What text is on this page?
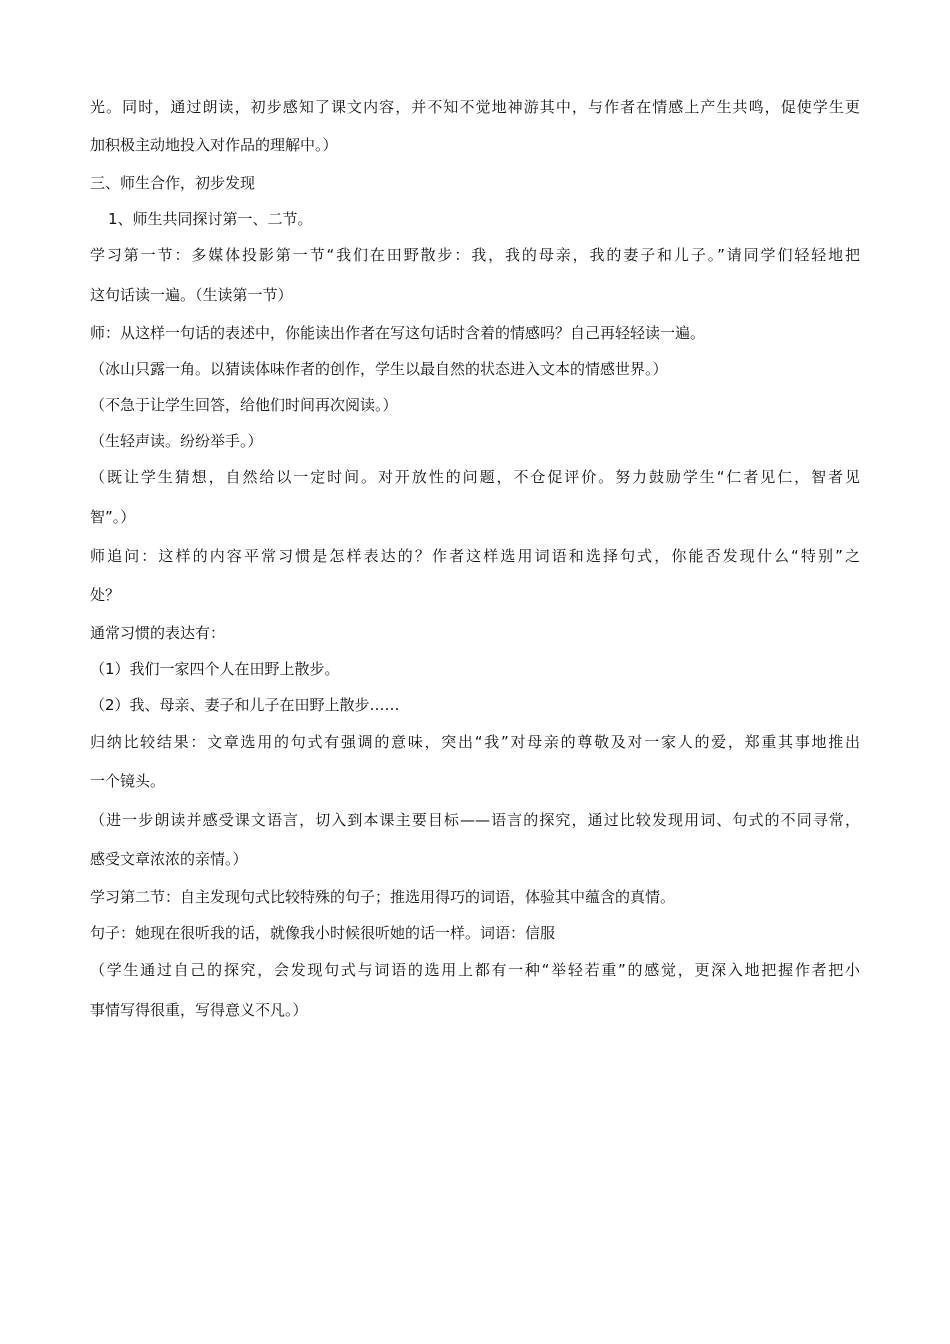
光。同时，通过朗读，初步感知了课文内容，并不知不觉地神游其中，与作者在情感上产生共鸣，促使学生更
加积极主动地投入对作品的理解中。）
三、师生合作，初步发现
1、师生共同探讨第一、二节。
学习第一节：多媒体投影第一节“我们在田野散步：我，我的母亲，我的妻子和儿子。”请同学们轻轻地把
这句话读一遍。（生读第一节）
师：从这样一句话的表述中，你能读出作者在写这句话时含着的情感吗？自己再轻轻读一遍。
（冰山只露一角。以猜读体味作者的创作，学生以最自然的状态进入文本的情感世界。）
（不急于让学生回答，给他们时间再次阅读。）
（生轻声读。纷纷举手。）
（既让学生猜想，自然给以一定时间。对开放性的问题，不仓促评价。努力鼓励学生“仁者见仁，智者见
智”。）
师追问：这样的内容平常习惯是怎样表达的？作者这样选用词语和选择句式，你能否发现什么“特别”之
处？
通常习惯的表达有：
（1）我们一家四个人在田野上散步。
（2）我、母亲、妻子和儿子在田野上散步……
归纳比较结果：文章选用的句式有强调的意味，突出“我”对母亲的尊敬及对一家人的爱，郑重其事地推出
一个镜头。
（进一步朗读并感受课文语言，切入到本课主要目标——语言的探究，通过比较发现用词、句式的不同寻常，
感受文章浓浓的亲情。）
学习第二节：自主发现句式比较特殊的句子；推选用得巧的词语，体验其中蕴含的真情。
句子：她现在很听我的话，就像我小时候很听她的话一样。词语：信服
（学生通过自己的探究，会发现句式与词语的选用上都有一种“举轻若重”的感觉，更深入地把握作者把小
事情写得很重，写得意义不凡。）
